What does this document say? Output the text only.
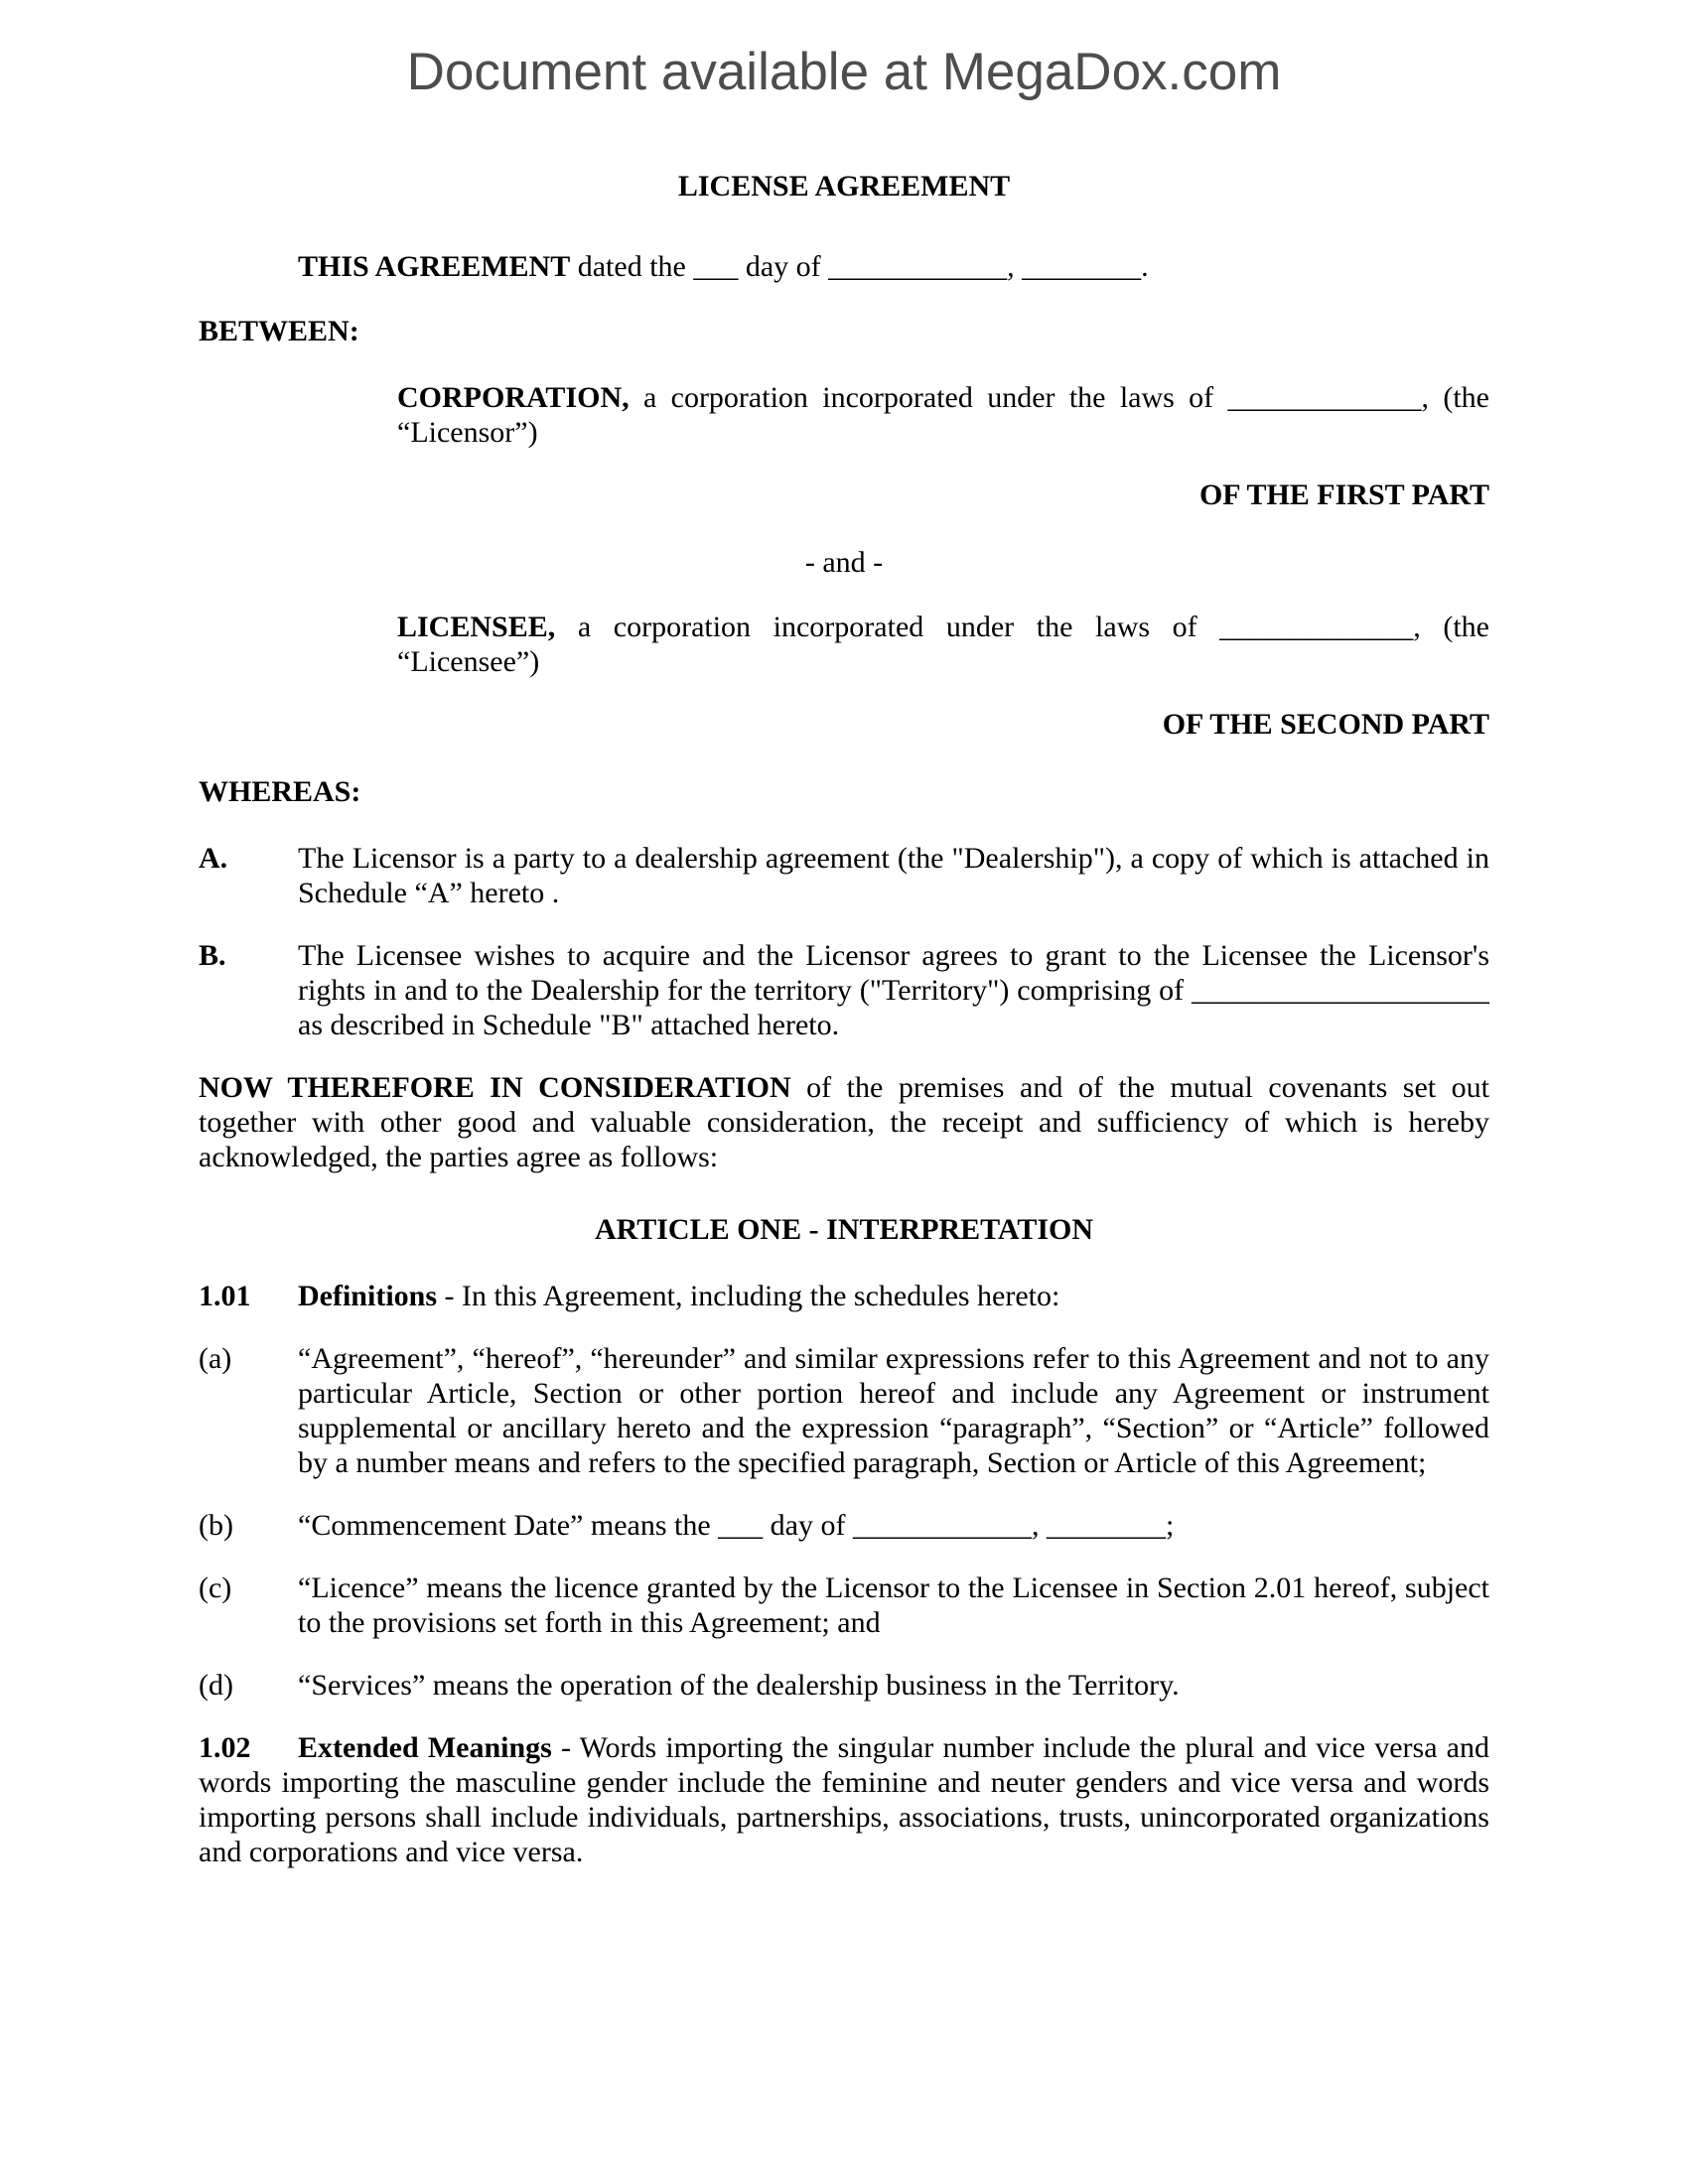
Document available at MegaDox.com
LICENSE AGREEMENT

THIS AGREEMENT dated the ___ day of ____________, ________.

BETWEEN:

CORPORATION, a corporation incorporated under the laws of _____________, (the “Licensor”)

OF THE FIRST PART

- and -

LICENSEE, a corporation incorporated under the laws of _____________, (the “Licensee”)

OF THE SECOND PART

WHEREAS:

A.	The Licensor is a party to a dealership agreement (the "Dealership"), a copy of which is attached in Schedule “A” hereto .
B.	The Licensee wishes to acquire and the Licensor agrees to grant to the Licensee the Licensor's rights in and to the Dealership for the territory ("Territory") comprising of ____________________ as described in Schedule "B" attached hereto.

NOW THEREFORE IN CONSIDERATION of the premises and of the mutual covenants set out together with other good and valuable consideration, the receipt and sufficiency of which is hereby acknowledged, the parties agree as follows:

ARTICLE ONE - INTERPRETATION

1.01 Definitions - In this Agreement, including the schedules hereto:

(a)	“Agreement”, “hereof”, “hereunder” and similar expressions refer to this Agreement and not to any particular Article, Section or other portion hereof and include any Agreement or instrument supplemental or ancillary hereto and the expression “paragraph”, “Section” or “Article” followed by a number means and refers to the specified paragraph, Section or Article of this Agreement;
(b)	“Commencement Date” means the ___ day of ____________, ________;
(c)	“Licence” means the licence granted by the Licensor to the Licensee in Section 2.01 hereof, subject to the provisions set forth in this Agreement; and
(d)	“Services” means the operation of the dealership business in the Territory.

1.02 Extended Meanings - Words importing the singular number include the plural and vice versa and words importing the masculine gender include the feminine and neuter genders and vice versa and words importing persons shall include individuals, partnerships, associations, trusts, unincorporated organizations and corporations and vice versa.
